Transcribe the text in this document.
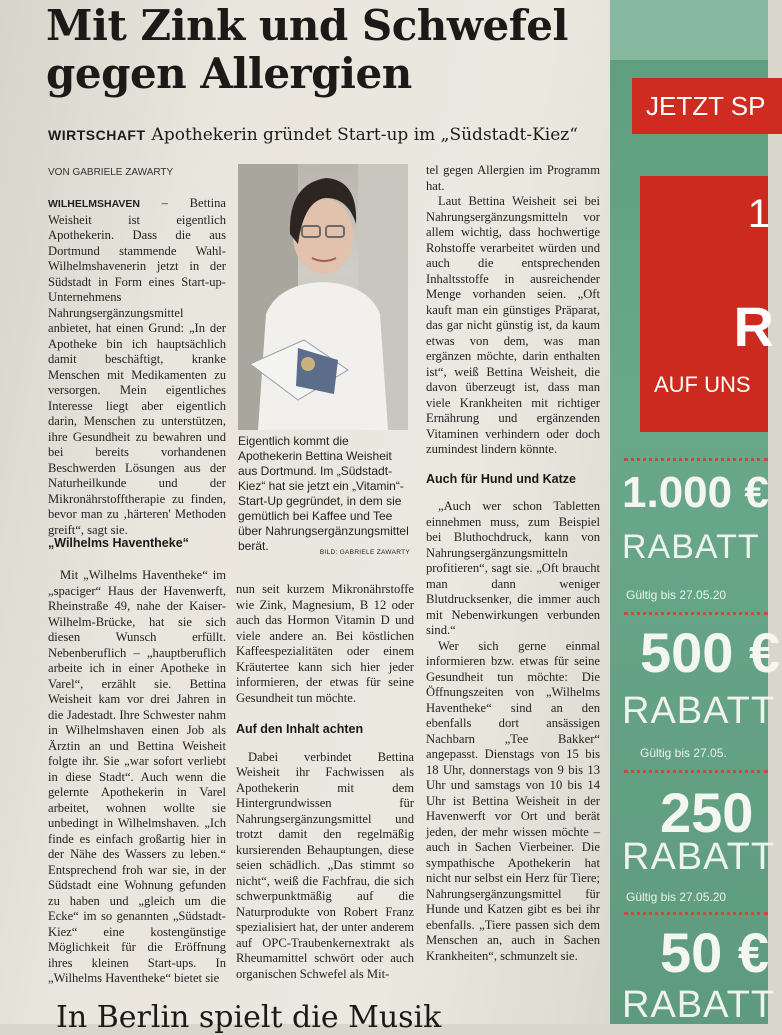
Mit Zink und Schwefel
gegen Allergien
WIRTSCHAFT Apothekerin gründet Start-up im „Südstadt-Kiez“
VON GABRIELE ZAWARTY

WILHELMSHAVEN – Bettina Weisheit ist eigentlich Apothekerin. Dass die aus Dortmund stammende Wahl-Wilhelmshavenerin jetzt in der Südstadt in Form eines Start-up-Unternehmens Nahrungsergänzungsmittel anbietet, hat einen Grund: „In der Apotheke bin ich hauptsächlich damit beschäftigt, kranke Menschen mit Medikamenten zu versorgen. Mein eigentliches Interesse liegt aber eigentlich darin, Menschen zu unterstützen, ihre Gesundheit zu bewahren und bei bereits vorhandenen Beschwerden Lösungen aus der Naturheilkunde und der Mikronährstofftherapie zu finden, bevor man zu ‚härteren' Methoden greift“, sagt sie.

„Wilhelms Haventheke“

Mit „Wilhelms Haventheke“ im „spaciger“ Haus der Havenwerft, Rheinstraße 49, nahe der Kaiser-Wilhelm-Brücke, hat sie sich diesen Wunsch erfüllt. Nebenberuflich – „hauptberuflich arbeite ich in einer Apotheke in Varel“, erzählt sie. Bettina Weisheit kam vor drei Jahren in die Jadestadt. Ihre Schwester nahm in Wilhelmshaven einen Job als Ärztin an und Bettina Weisheit folgte ihr. Sie „war sofort verliebt in diese Stadt“. Auch wenn die gelernte Apothekerin in Varel arbeitet, wohnen wollte sie unbedingt in Wilhelmshaven. „Ich finde es einfach großartig hier in der Nähe des Wassers zu leben.“ Entsprechend froh war sie, in der Südstadt eine Wohnung gefunden zu haben und „gleich um die Ecke“ im so genannten „Südstadt-Kiez“ eine kostengünstige Möglichkeit für die Eröffnung ihres kleinen Start-ups. In „Wilhelms Haventheke“ bietet sie

Eigentlich kommt die Apothekerin Bettina Weisheit aus Dortmund. Im „Südstadt-Kiez“ hat sie jetzt ein „Vitamin“-Start-Up gegründet, in dem sie gemütlich bei Kaffee und Tee über Nahrungsergänzungsmittel berät.	BILD: GABRIELE ZAWARTY

nun seit kurzem Mikronährstoffe wie Zink, Magnesium, B 12 oder auch das Hormon Vitamin D und viele andere an. Bei köstlichen Kaffeespezialitäten oder einem Kräutertee kann sich hier jeder informieren, der etwas für seine Gesundheit tun möchte.

Auf den Inhalt achten

Dabei verbindet Bettina Weisheit ihr Fachwissen als Apothekerin mit dem Hintergrundwissen für Nahrungsergänzungsmittel und trotzt damit den regelmäßig kursierenden Behauptungen, diese seien schädlich. „Das stimmt so nicht“, weiß die Fachfrau, die sich schwerpunktmäßig auf die Naturprodukte von Robert Franz spezialisiert hat, der unter anderem auf OPC-Traubenkernextrakt als Rheumamittel schwört oder auch organischen Schwefel als Mit-

tel gegen Allergien im Programm hat.

Laut Bettina Weisheit sei bei Nahrungsergänzungsmitteln vor allem wichtig, dass hochwertige Rohstoffe verarbeitet würden und auch die entsprechenden Inhaltsstoffe in ausreichender Menge vorhanden seien. „Oft kauft man ein günstiges Präparat, das gar nicht günstig ist, da kaum etwas von dem, was man ergänzen möchte, darin enthalten ist“, weiß Bettina Weisheit, die davon überzeugt ist, dass man viele Krankheiten mit richtiger Ernährung und ergänzenden Vitaminen verhindern oder doch zumindest lindern könnte.

Auch für Hund und Katze

„Auch wer schon Tabletten einnehmen muss, zum Beispiel bei Bluthochdruck, kann von Nahrungsergänzungsmitteln profitieren“, sagt sie. „Oft braucht man dann weniger Blutdrucksenker, die immer auch mit Nebenwirkungen verbunden sind.“

Wer sich gerne einmal informieren bzw. etwas für seine Gesundheit tun möchte: Die Öffnungszeiten von „Wilhelms Haventheke“ sind an den ebenfalls dort ansässigen Nachbarn „Tee Bakker“ angepasst. Dienstags von 15 bis 18 Uhr, donnerstags von 9 bis 13 Uhr und samstags von 10 bis 14 Uhr ist Bettina Weisheit in der Havenwerft vor Ort und berät jeden, der mehr wissen möchte – auch in Sachen Vierbeiner. Die sympathische Apothekerin hat nicht nur selbst ein Herz für Tiere; Nahrungsergänzungsmittel für Hunde und Katzen gibt es bei ihr ebenfalls. „Tiere passen sich dem Menschen an, auch in Sachen Krankheiten“, schmunzelt sie.

In Berlin spielt die Musik
JETZT SP
1
R
AUF UNS
1.000 €
RABATT
Gültig bis 27.05.20
500 €
RABATT
Gültig bis 27.05.
250
RABATT
Gültig bis 27.05.20
50 €
RABATT
